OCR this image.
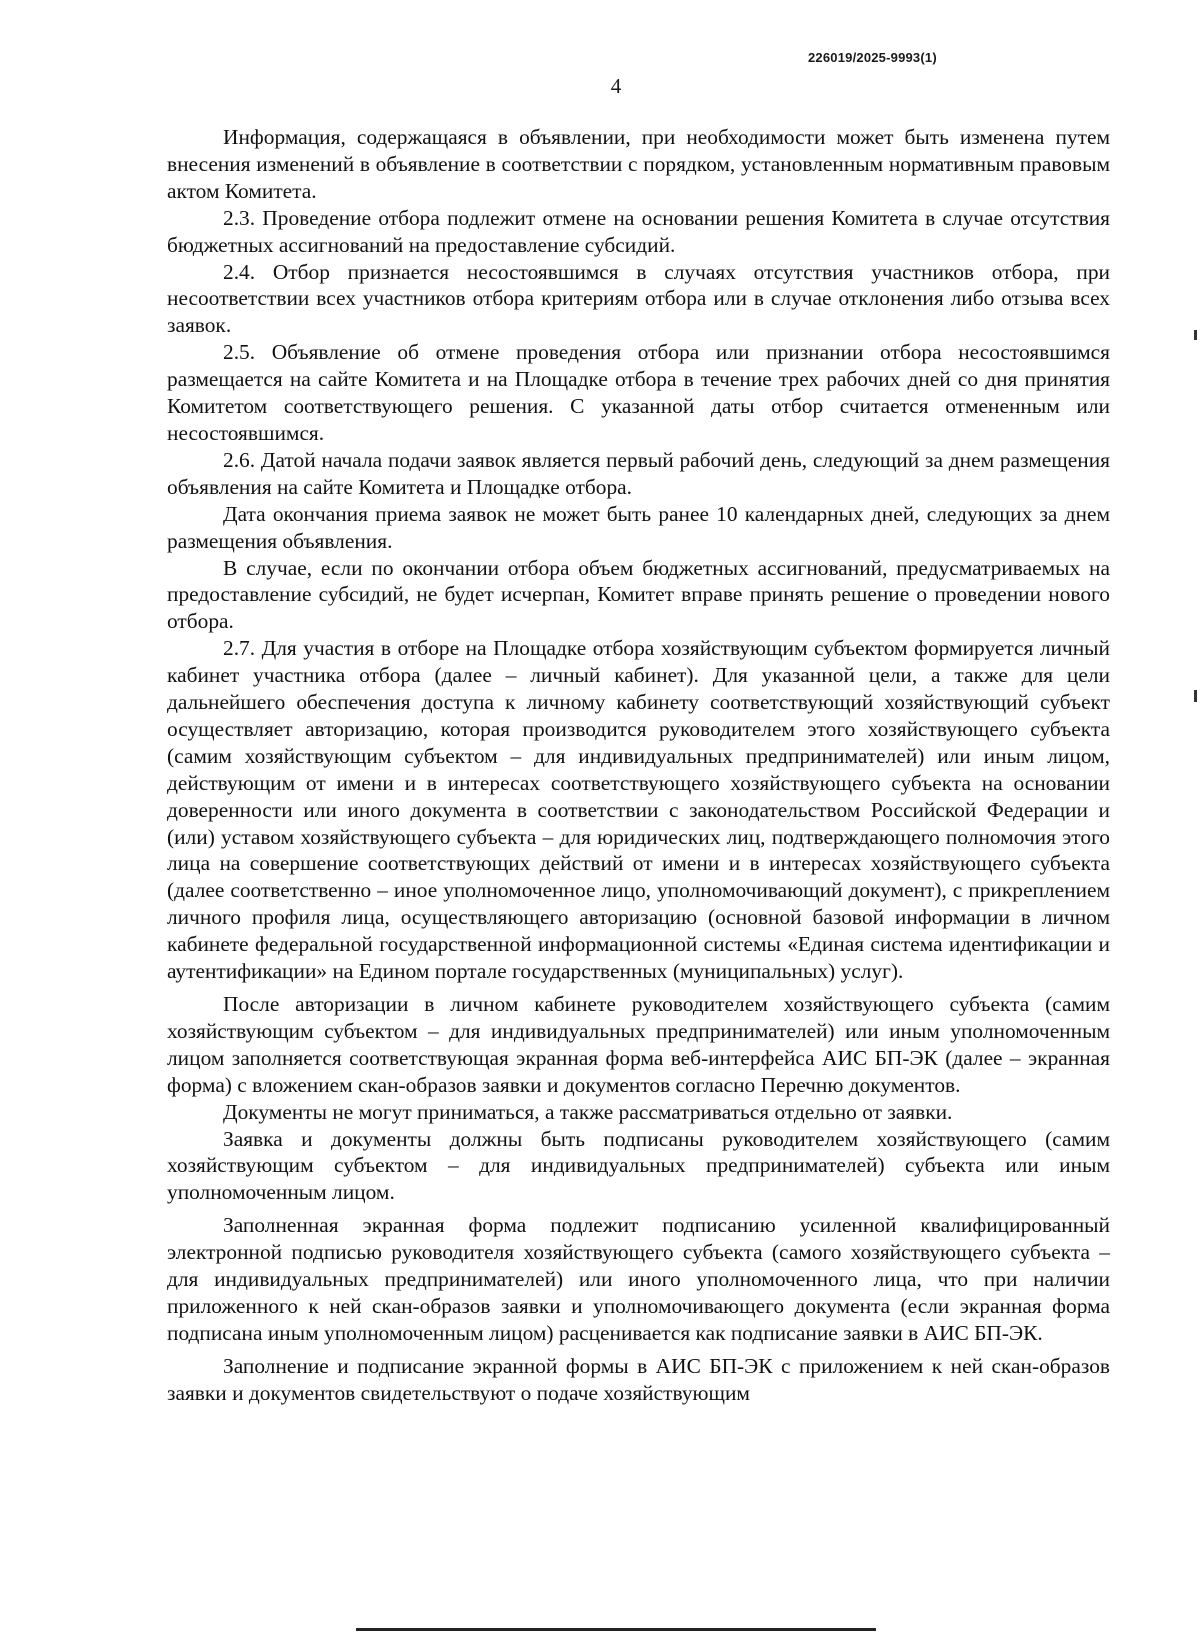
226019/2025-9993(1)
4

Информация, содержащаяся в объявлении, при необходимости может быть изменена путем внесения изменений в объявление в соответствии с порядком, установленным нормативным правовым актом Комитета.

2.3. Проведение отбора подлежит отмене на основании решения Комитета в случае отсутствия бюджетных ассигнований на предоставление субсидий.

2.4. Отбор признается несостоявшимся в случаях отсутствия участников отбора, при несоответствии всех участников отбора критериям отбора или в случае отклонения либо отзыва всех заявок.

2.5. Объявление об отмене проведения отбора или признании отбора несостоявшимся размещается на сайте Комитета и на Площадке отбора в течение трех рабочих дней со дня принятия Комитетом соответствующего решения. С указанной даты отбор считается отмененным или несостоявшимся.

2.6. Датой начала подачи заявок является первый рабочий день, следующий за днем размещения объявления на сайте Комитета и Площадке отбора.

Дата окончания приема заявок не может быть ранее 10 календарных дней, следующих за днем размещения объявления.

В случае, если по окончании отбора объем бюджетных ассигнований, предусматриваемых на предоставление субсидий, не будет исчерпан, Комитет вправе принять решение о проведении нового отбора.

2.7. Для участия в отборе на Площадке отбора хозяйствующим субъектом формируется личный кабинет участника отбора (далее – личный кабинет). Для указанной цели, а также для цели дальнейшего обеспечения доступа к личному кабинету соответствующий хозяйствующий субъект осуществляет авторизацию, которая производится руководителем этого хозяйствующего субъекта (самим хозяйствующим субъектом – для индивидуальных предпринимателей) или иным лицом, действующим от имени и в интересах соответствующего хозяйствующего субъекта на основании доверенности или иного документа в соответствии с законодательством Российской Федерации и (или) уставом хозяйствующего субъекта – для юридических лиц, подтверждающего полномочия этого лица на совершение соответствующих действий от имени и в интересах хозяйствующего субъекта (далее соответственно – иное уполномоченное лицо, уполномочивающий документ), с прикреплением личного профиля лица, осуществляющего авторизацию (основной базовой информации в личном кабинете федеральной государственной информационной системы «Единая система идентификации и аутентификации» на Едином портале государственных (муниципальных) услуг).

После авторизации в личном кабинете руководителем хозяйствующего субъекта (самим хозяйствующим субъектом – для индивидуальных предпринимателей) или иным уполномоченным лицом заполняется соответствующая экранная форма веб-интерфейса АИС БП-ЭК (далее – экранная форма) с вложением скан-образов заявки и документов согласно Перечню документов.

Документы не могут приниматься, а также рассматриваться отдельно от заявки.

Заявка и документы должны быть подписаны руководителем хозяйствующего (самим хозяйствующим субъектом – для индивидуальных предпринимателей) субъекта или иным уполномоченным лицом.

Заполненная экранная форма подлежит подписанию усиленной квалифицированный электронной подписью руководителя хозяйствующего субъекта (самого хозяйствующего субъекта – для индивидуальных предпринимателей) или иного уполномоченного лица, что при наличии приложенного к ней скан-образов заявки и уполномочивающего документа (если экранная форма подписана иным уполномоченным лицом) расценивается как подписание заявки в АИС БП-ЭК.

Заполнение и подписание экранной формы в АИС БП-ЭК с приложением к ней скан-образов заявки и документов свидетельствуют о подаче хозяйствующим
